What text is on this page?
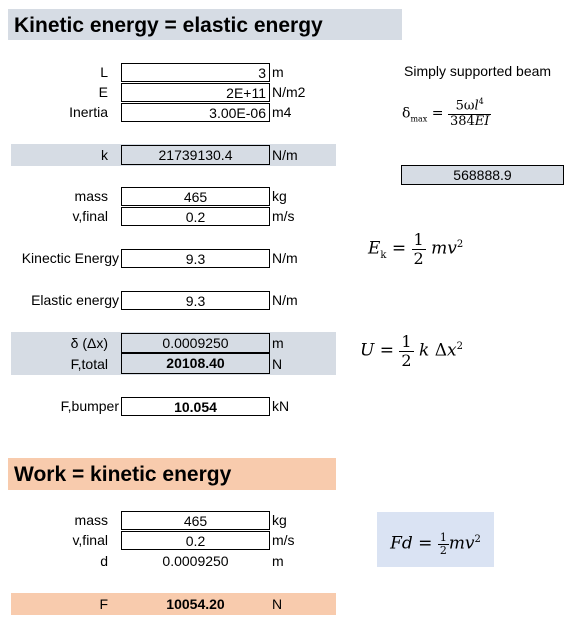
Kinetic energy = elastic energy
L	3 m
E	2E+11 N/m2
Inertia	3.00E-06 m4
Simply supported beam
$\delta_{max} = \frac{5\omega l^4}{384EI}$
k	21739130.4	N/m
568888.9
mass	465	kg
v,final	0.2	m/s
Kinectic Energy	9.3	N/m	$E_k = \frac{1}{2} mv^2$
Elastic energy	9.3	N/m
δ (Δx)	0.0009250	m
F,total	20108.40	N
$U = \frac{1}{2}$ k $\Delta x^2$
F,bumper	10.054	kN
Work = kinetic energy
mass	465	kg
v,final	0.2	m/s
d	0.0009250	m
$Fd = \frac{1}{2} mv^2$
F	10054.20	N
